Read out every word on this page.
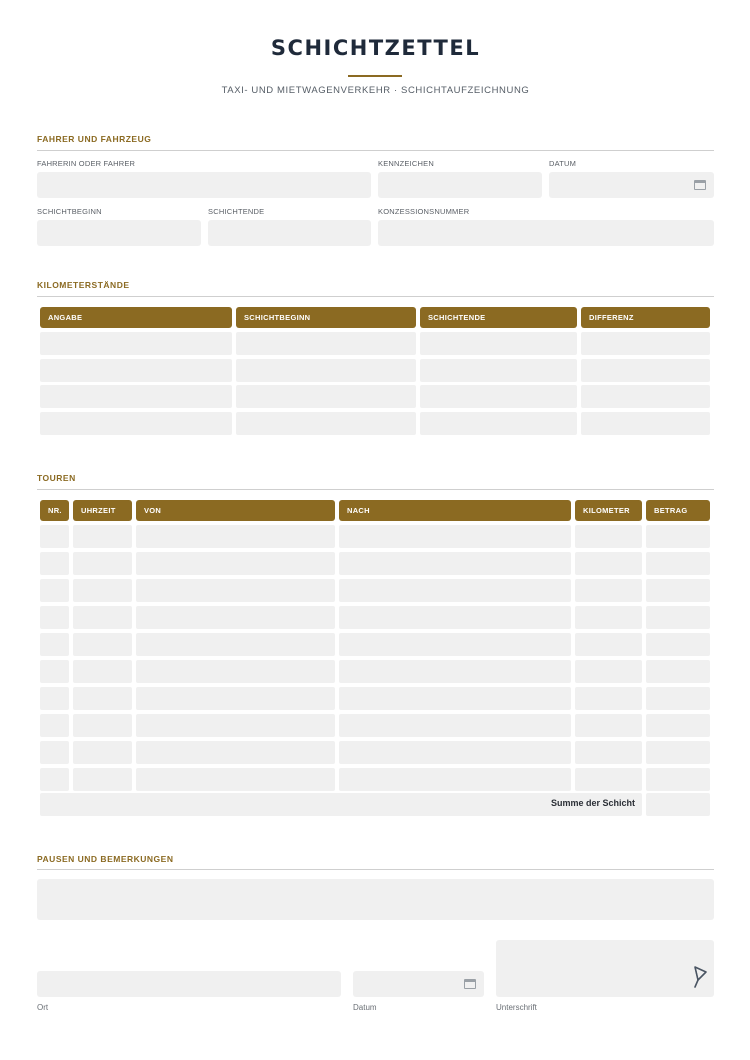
SCHICHTZETTEL
TAXI- UND MIETWAGENVERKEHR · SCHICHTAUFZEICHNUNG
FAHRER UND FAHRZEUG
FAHRERIN ODER FAHRER	KENNZEICHEN	DATUM
SCHICHTBEGINN	SCHICHTENDE	KONZESSIONSNUMMER
KILOMETERSTÄNDE
ANGABE	SCHICHTBEGINN	SCHICHTENDE	DIFFERENZ
TOUREN
NR.	UHRZEIT	VON	NACH	KILOMETER	BETRAG
Summe der Schicht
PAUSEN UND BEMERKUNGEN
Ort	Datum	Unterschrift
